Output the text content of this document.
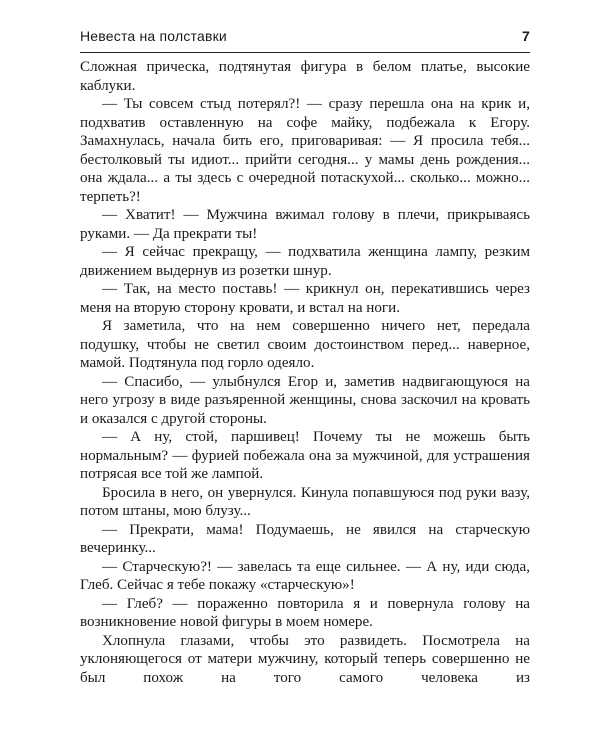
Невеста на полставки	7

Сложная прическа, подтянутая фигура в белом платье, высокие каблуки.

— Ты совсем стыд потерял?! — сразу перешла она на крик и, подхватив оставленную на софе майку, подбежала к Егору. Замахнулась, начала бить его, приговаривая: — Я просила тебя... бестолковый ты идиот... прийти сегодня... у мамы день рождения... она ждала... а ты здесь с очередной потаскухой... сколько... можно... терпеть?!

— Хватит! — Мужчина вжимал голову в плечи, прикрываясь руками. — Да прекрати ты!

— Я сейчас прекращу, — подхватила женщина лампу, резким движением выдернув из розетки шнур.

— Так, на место поставь! — крикнул он, перекатившись через меня на вторую сторону кровати, и встал на ноги.

Я заметила, что на нем совершенно ничего нет, передала подушку, чтобы не светил своим достоинством перед... наверное, мамой. Подтянула под горло одеяло.

— Спасибо, — улыбнулся Егор и, заметив надвигающуюся на него угрозу в виде разъяренной женщины, снова заскочил на кровать и оказался с другой стороны.

— А ну, стой, паршивец! Почему ты не можешь быть нормальным? — фурией побежала она за мужчиной, для устрашения потрясая все той же лампой.

Бросила в него, он увернулся. Кинула попавшуюся под руки вазу, потом штаны, мою блузу...

— Прекрати, мама! Подумаешь, не явился на старческую вечеринку...

— Старческую?! — завелась та еще сильнее. — А ну, иди сюда, Глеб. Сейчас я тебе покажу «старческую»!

— Глеб? — пораженно повторила я и повернула голову на возникновение новой фигуры в моем номере.

Хлопнула глазами, чтобы это развидеть. Посмотрела на уклоняющегося от матери мужчину, который теперь совершенно не был похож на того самого человека из
